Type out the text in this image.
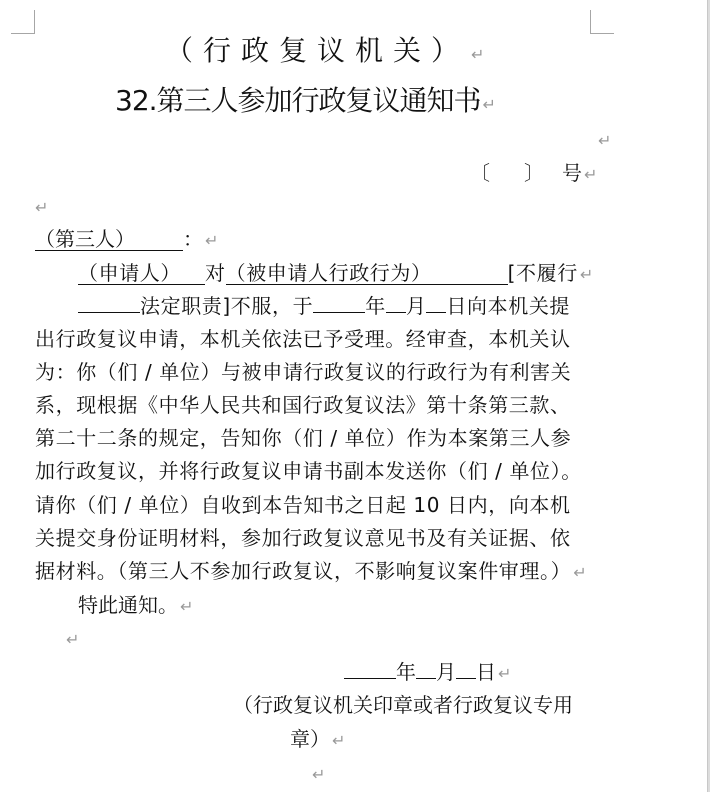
（行政复议机关） ↵
32.第三人参加行政复议通知书 ↵
↵
〔 〕 号 ↵
↵
（第三人） ： ↵
（申请人） 对（被申请人行政行为）	[不履行 ↵
法定职责]不服，于	年 月 日向本机关提
出行政复议申请，本机关依法已予受理。经审查，本机关认
为：你（们 / 单位）与被申请行政复议的行政行为有利害关
系，现根据《中华人民共和国行政复议法》第十条第三款、
第二十二条的规定，告知你（们 / 单位）作为本案第三人参
加行政复议，并将行政复议申请书副本发送你（们 / 单位）。
请你（们 / 单位）自收到本告知书之日起 10 日内，向本机
关提交身份证明材料，参加行政复议意见书及有关证据、依
据材料。（第三人不参加行政复议，不影响复议案件审理。） ↵
特此通知。 ↵
↵
年 月 日 ↵
（行政复议机关印章或者行政复议专用
章） ↵
↵
